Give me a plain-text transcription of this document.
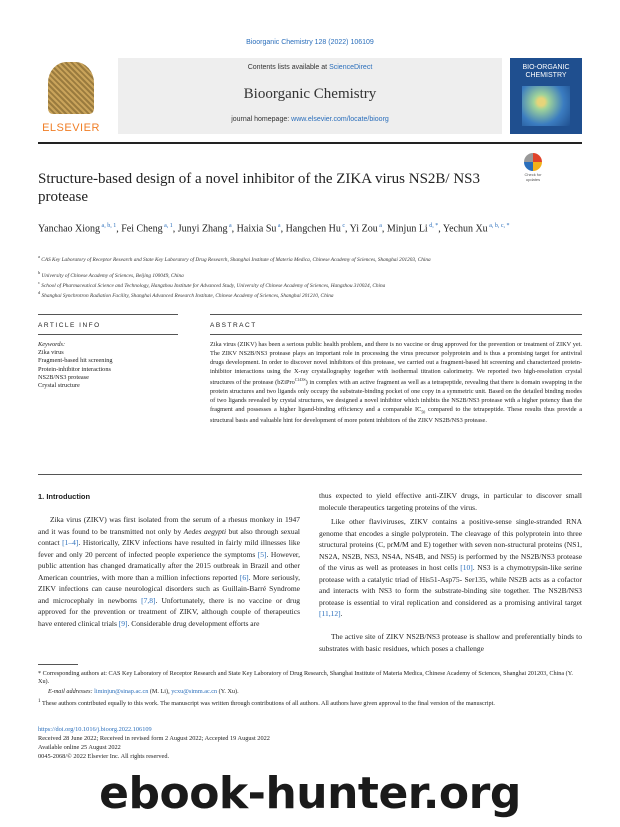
Bioorganic Chemistry 128 (2022) 106109
ELSEVIER
Contents lists available at ScienceDirect
Bioorganic Chemistry
journal homepage: www.elsevier.com/locate/bioorg
BIO-ORGANIC CHEMISTRY
Check for updates
Structure-based design of a novel inhibitor of the ZIKA virus NS2B/ NS3 protease
Yanchao Xiong $^{a, b, 1}$, Fei Cheng $^{a, 1}$, Junyi Zhang $^a$, Haixia Su $^a$, Hangchen Hu $^c$, Yi Zou $^a$, Minjun Li $^{d, *}$, Yechun Xu $^{a, b, c, *}$
$^a$ CAS Key Laboratory of Receptor Research and State Key Laboratory of Drug Research, Shanghai Institute of Materia Medica, Chinese Academy of Sciences, Shanghai 201203, China
$^b$ University of Chinese Academy of Sciences, Beijing 100049, China
$^c$ School of Pharmaceutical Science and Technology, Hangzhou Institute for Advanced Study, University of Chinese Academy of Sciences, Hangzhou 310024, China
$^d$ Shanghai Synchrotron Radiation Facility, Shanghai Advanced Research Institute, Chinese Academy of Sciences, Shanghai 201210, China
ARTICLE INFO	ABSTRACT
Keywords:
Zika virus
Fragment-based hit screening
Protein-inhibitor interactions
NS2B/NS3 protease
Crystal structure
Zika virus (ZIKV) has been a serious public health problem, and there is no vaccine or drug approved for the prevention or treatment of ZIKV yet. The ZIKV NS2B/NS3 protease plays an important role in processing the virus precursor polyprotein and is thus a promising target for antiviral drugs development. In order to discover novel inhibitors of this protease, we carried out a fragment-based hit screening and characterized protein-inhibitor interactions using the X-ray crystallography together with isothermal titration calorimetry. We reported two high-resolution crystal structures of the protease (bZiPro$^{C143S}$) in complex with an active fragment as well as a tetrapeptide, revealing that there is domain swapping in the protein structures and two ligands only occupy the substrate-binding pocket of one copy in a symmetric unit. Based on the detailed binding modes of two ligands revealed by crystal structures, we designed a novel inhibitor which inhibits the NS2B/NS3 protease with a higher potency than the fragment and possesses a higher ligand-binding efficiency and a comparable $IC_{50}$ compared to the tetrapeptide. These results thus provide a structural basis and valuable hint for development of more potent inhibitors of the ZIKV NS2B/NS3 protease.
1. Introduction
Zika virus (ZIKV) was first isolated from the serum of a rhesus monkey in 1947 and it was found to be transmitted not only by Aedes aegypti but also through sexual contact [1–4]. Historically, ZIKV infections have resulted in fairly mild illnesses like fever and only 20 percent of infected people experience the symptoms [5]. However, public attention has changed dramatically after the 2015 outbreak in Brazil and other American countries, with more than a million infections reported [6]. More seriously, ZIKV infections can cause neurological disorders such as Guillain-Barré Syndrome and microcephaly in newborns [7,8]. Unfortunately, there is no vaccine or drug approved for the prevention or treatment of ZIKV, although couple of therapeutics have entered clinical trials [9]. Considerable drug development efforts are
thus expected to yield effective anti-ZIKV drugs, in particular to discover small molecule therapeutics targeting proteins of the virus.
Like other flaviviruses, ZIKV contains a positive-sense single-stranded RNA genome that encodes a single polyprotein. The cleavage of this polyprotein into three structural proteins (C, prM/M and E) together with seven non-structural proteins (NS1, NS2A, NS2B, NS3, NS4A, NS4B, and NS5) is performed by the NS2B/NS3 protease of the virus as well as proteases in host cells [10]. NS3 is a chymotrypsin-like serine protease with a catalytic triad of His51-Asp75- Ser135, while NS2B acts as a cofactor and interacts with NS3 to form the substrate-binding site together. The NS2B/NS3 protease is essential to viral replication and considered as a promising antiviral target [11,12].
The active site of ZIKV NS2B/NS3 protease is shallow and preferentially binds to substrates with basic residues, which poses a challenge
* Corresponding authors at: CAS Key Laboratory of Receptor Research and State Key Laboratory of Drug Research, Shanghai Institute of Materia Medica, Chinese Academy of Sciences, Shanghai 201203, China (Y. Xu).
E-mail addresses: liminjun@sinap.ac.cn (M. Li), ycxu@simm.ac.cn (Y. Xu).
$^1$ These authors contributed equally to this work. The manuscript was written through contributions of all authors. All authors have given approval to the final version of the manuscript.
https://doi.org/10.1016/j.bioorg.2022.106109
Received 28 June 2022; Received in revised form 2 August 2022; Accepted 19 August 2022
Available online 25 August 2022
0045-2068/© 2022 Elsevier Inc. All rights reserved.
ebook-hunter.org
